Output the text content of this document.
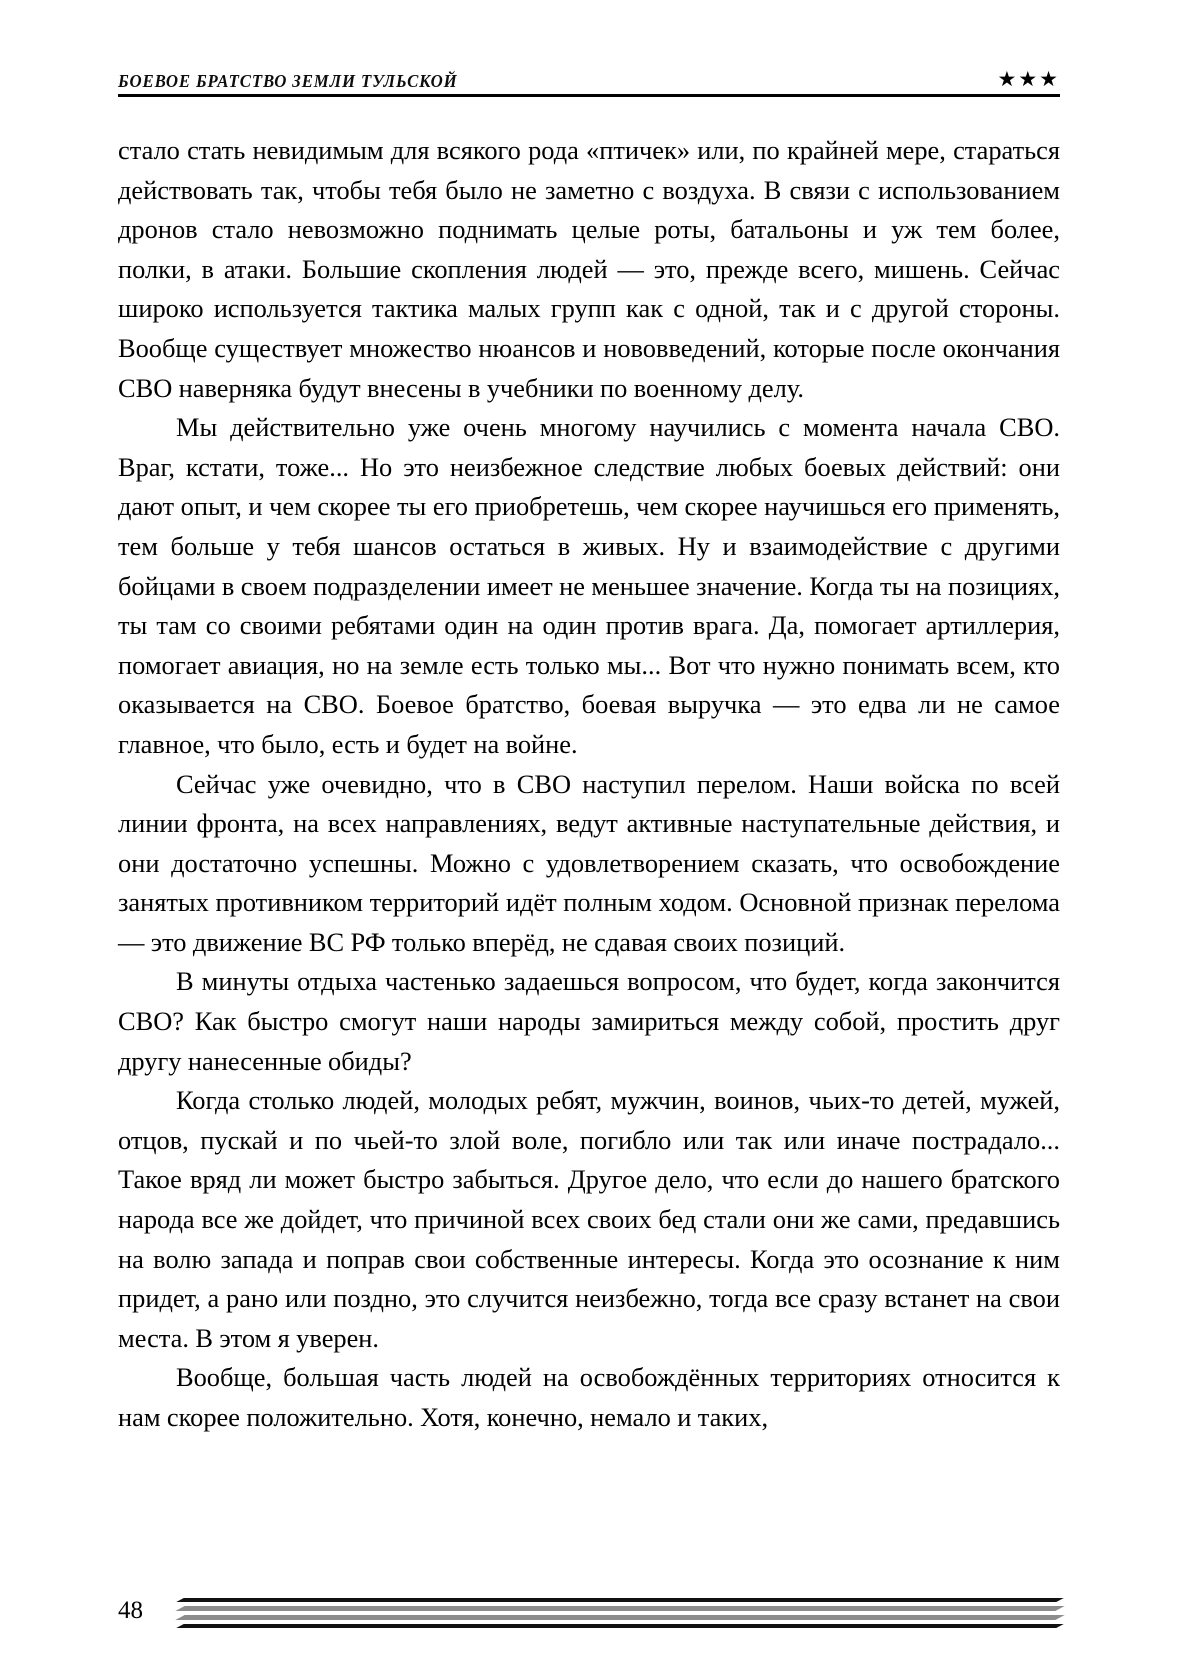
БОЕВОЕ БРАТСТВО ЗЕМЛИ ТУЛЬСКОЙ	★★★

стало стать невидимым для всякого рода «птичек» или, по крайней мере, стараться действовать так, чтобы тебя было не заметно с воздуха. В связи с использованием дронов стало невозможно поднимать целые роты, батальоны и уж тем более, полки, в атаки. Большие скопления людей — это, прежде всего, мишень. Сейчас широко используется тактика малых групп как с одной, так и с другой стороны. Вообще существует множество нюансов и нововведений, которые после окончания СВО наверняка будут внесены в учебники по военному делу.

Мы действительно уже очень многому научились с момента начала СВО. Враг, кстати, тоже... Но это неизбежное следствие любых боевых действий: они дают опыт, и чем скорее ты его приобретешь, чем скорее научишься его применять, тем больше у тебя шансов остаться в живых. Ну и взаимодействие с другими бойцами в своем подразделении имеет не меньшее значение. Когда ты на позициях, ты там со своими ребятами один на один против врага. Да, помогает артиллерия, помогает авиация, но на земле есть только мы... Вот что нужно понимать всем, кто оказывается на СВО. Боевое братство, боевая выручка — это едва ли не самое главное, что было, есть и будет на войне.

Сейчас уже очевидно, что в СВО наступил перелом. Наши войска по всей линии фронта, на всех направлениях, ведут активные наступательные действия, и они достаточно успешны. Можно с удовлетворением сказать, что освобождение занятых противником территорий идёт полным ходом. Основной признак перелома — это движение ВС РФ только вперёд, не сдавая своих позиций.

В минуты отдыха частенько задаешься вопросом, что будет, когда закончится СВО? Как быстро смогут наши народы замириться между собой, простить друг другу нанесенные обиды?

Когда столько людей, молодых ребят, мужчин, воинов, чьих-то детей, мужей, отцов, пускай и по чьей-то злой воле, погибло или так или иначе пострадало... Такое вряд ли может быстро забыться. Другое дело, что если до нашего братского народа все же дойдет, что причиной всех своих бед стали они же сами, предавшись на волю запада и поправ свои собственные интересы. Когда это осознание к ним придет, а рано или поздно, это случится неизбежно, тогда все сразу встанет на свои места. В этом я уверен.

Вообще, большая часть людей на освобождённых территориях относится к нам скорее положительно. Хотя, конечно, немало и таких,

48
